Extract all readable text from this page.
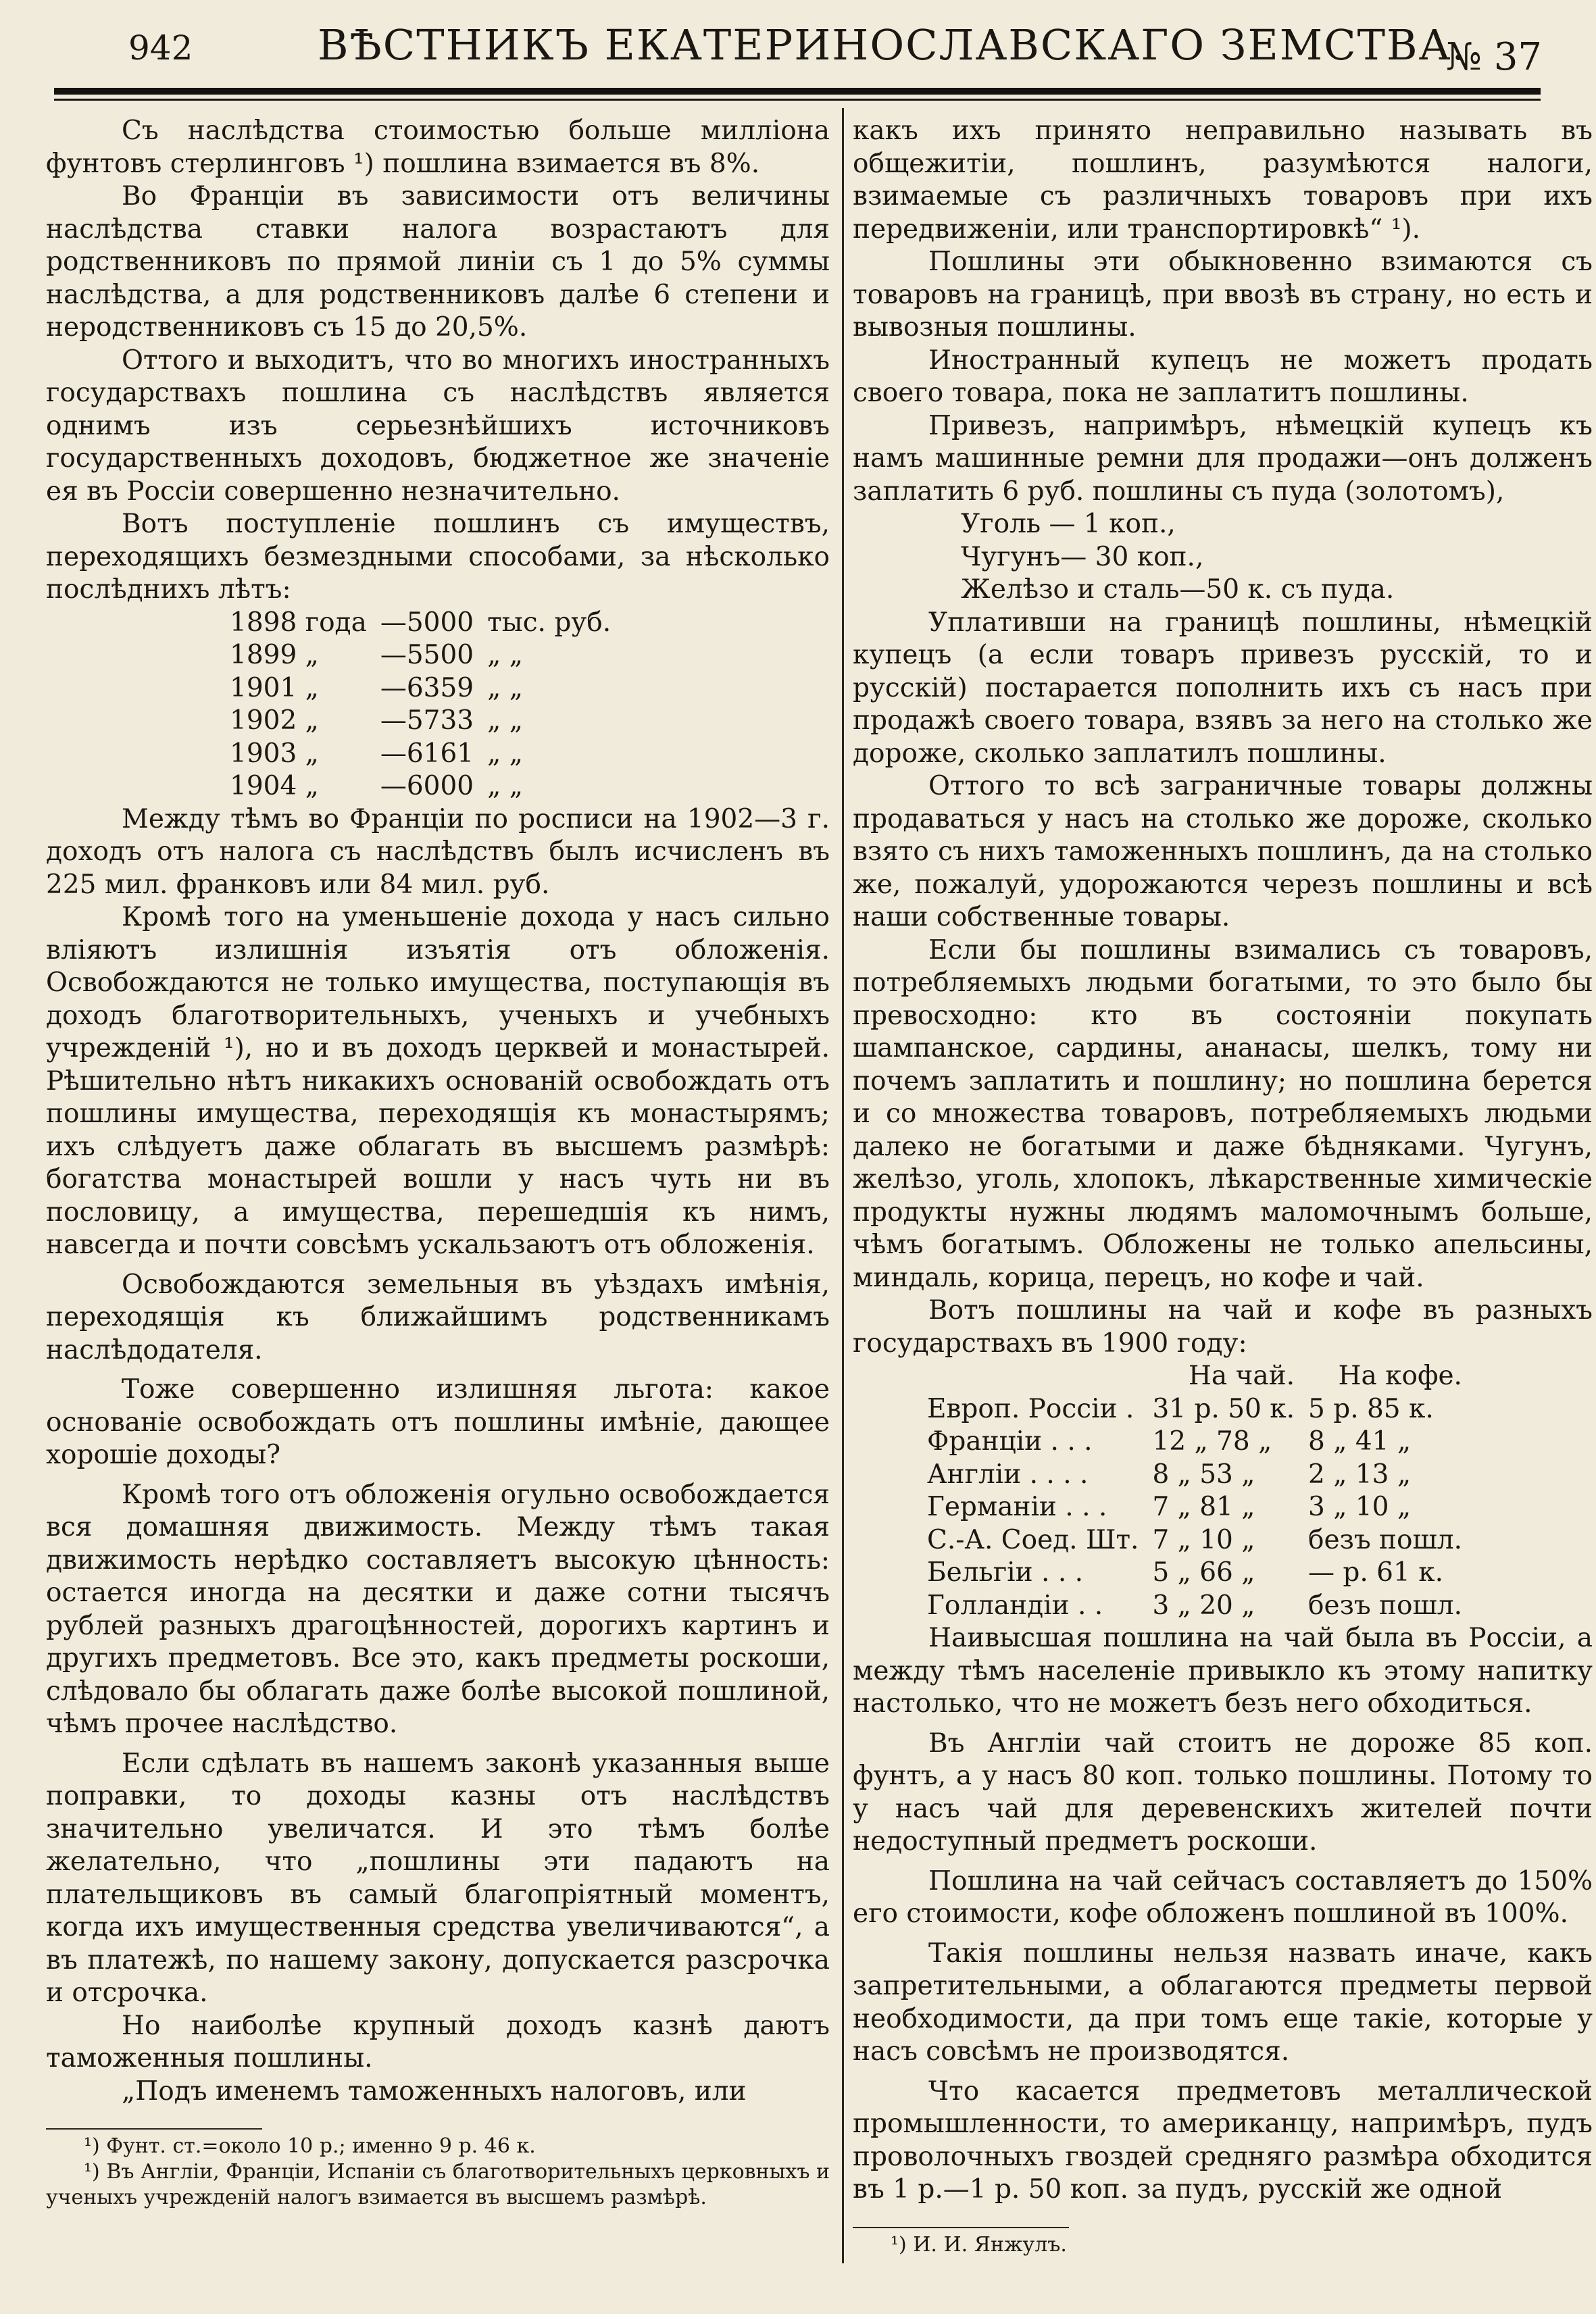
942	ВѢСТНИКЪ ЕКАТЕРИНОСЛАВСКАГО ЗЕМСТВА.
№ 37

Съ наслѣдства стоимостью больше милліона фунтовъ стерлинговъ ¹) пошлина взимается въ 8%.

Во Франціи въ зависимости отъ величины наслѣдства ставки налога возрастаютъ для родственниковъ по прямой линіи съ 1 до 5% суммы наслѣдства, а для родственниковъ далѣе 6 степени и неродственниковъ съ 15 до 20,5%.

Оттого и выходитъ, что во многихъ иностранныхъ государствахъ пошлина съ наслѣдствъ является однимъ изъ серьезнѣйшихъ источниковъ государственныхъ доходовъ, бюджетное же значеніе ея въ Россіи совершенно незначительно.

Вотъ поступленіе пошлинъ съ имуществъ, переходящихъ безмездными способами, за нѣсколько послѣднихъ лѣтъ:

1898 года	—5000	тыс. руб.
1899 „	—5500	„ „
1901 „	—6359	„ „
1902 „	—5733	„ „
1903 „	—6161	„ „
1904 „	—6000	„ „

Между тѣмъ во Франціи по росписи на 1902—3 г. доходъ отъ налога съ наслѣдствъ былъ исчисленъ въ 225 мил. франковъ или 84 мил. руб.

Кромѣ того на уменьшеніе дохода у насъ сильно вліяютъ излишнія изъятія отъ обложенія. Освобождаются не только имущества, поступающія въ доходъ благотворительныхъ, ученыхъ и учебныхъ учрежденій ¹), но и въ доходъ церквей и монастырей. Рѣшительно нѣтъ никакихъ основаній освобождать отъ пошлины имущества, переходящія къ монастырямъ; ихъ слѣдуетъ даже облагать въ высшемъ размѣрѣ: богатства монастырей вошли у насъ чуть ни въ пословицу, а имущества, перешедшія къ нимъ, навсегда и почти совсѣмъ ускальзаютъ отъ обложенія.

Освобождаются земельныя въ уѣздахъ имѣнія, переходящія къ ближайшимъ родственникамъ наслѣдодателя.

Тоже совершенно излишняя льгота: какое основаніе освобождать отъ пошлины имѣніе, дающее хорошіе доходы?

Кромѣ того отъ обложенія огульно освобождается вся домашняя движимость. Между тѣмъ такая движимость нерѣдко составляетъ высокую цѣнность: остается иногда на десятки и даже сотни тысячъ рублей разныхъ драгоцѣнностей, дорогихъ картинъ и другихъ предметовъ. Все это, какъ предметы роскоши, слѣдовало бы облагать даже болѣе высокой пошлиной, чѣмъ прочее наслѣдство.

Если сдѣлать въ нашемъ законѣ указанныя выше поправки, то доходы казны отъ наслѣдствъ значительно увеличатся. И это тѣмъ болѣе желательно, что „пошлины эти падаютъ на плательщиковъ въ самый благопріятный моментъ, когда ихъ имущественныя средства увеличиваются“, а въ платежѣ, по нашему закону, допускается разсрочка и отсрочка.

Но наиболѣе крупный доходъ казнѣ даютъ таможенныя пошлины.

„Подъ именемъ таможенныхъ налоговъ, или

¹) Фунт. ст.=около 10 р.; именно 9 р. 46 к.

¹) Въ Англіи, Франціи, Испаніи съ благотворительныхъ церковныхъ и ученыхъ учрежденій налогъ взимается въ высшемъ размѣрѣ.

какъ ихъ принято неправильно называть въ общежитіи, пошлинъ, разумѣются налоги, взимаемые съ различныхъ товаровъ при ихъ передвиженіи, или транспортировкѣ“ ¹).

Пошлины эти обыкновенно взимаются съ товаровъ на границѣ, при ввозѣ въ страну, но есть и вывозныя пошлины.

Иностранный купецъ не можетъ продать своего товара, пока не заплатитъ пошлины.

Привезъ, напримѣръ, нѣмецкій купецъ къ намъ машинные ремни для продажи—онъ долженъ заплатить 6 руб. пошлины съ пуда (золотомъ),

Уголь — 1 коп.,
Чугунъ— 30 коп.,
Желѣзо и сталь—50 к. съ пуда.

Уплативши на границѣ пошлины, нѣмецкій купецъ (а если товаръ привезъ русскій, то и русскій) постарается пополнить ихъ съ насъ при продажѣ своего товара, взявъ за него на столько же дороже, сколько заплатилъ пошлины.

Оттого то всѣ заграничные товары должны продаваться у насъ на столько же дороже, сколько взято съ нихъ таможенныхъ пошлинъ, да на столько же, пожалуй, удорожаются черезъ пошлины и всѣ наши собственные товары.

Если бы пошлины взимались съ товаровъ, потребляемыхъ людьми богатыми, то это было бы превосходно: кто въ состояніи покупать шампанское, сардины, ананасы, шелкъ, тому ни почемъ заплатить и пошлину; но пошлина берется и со множества товаровъ, потребляемыхъ людьми далеко не богатыми и даже бѣдняками. Чугунъ, желѣзо, уголь, хлопокъ, лѣкарственные химическіе продукты нужны людямъ маломочнымъ больше, чѣмъ богатымъ. Обложены не только апельсины, миндаль, корица, перецъ, но кофе и чай.

Вотъ пошлины на чай и кофе въ разныхъ государствахъ въ 1900 году:

	На чай.	На кофе.
Европ. Россіи .	31 р. 50 к.	5 р. 85 к.
Франціи . . .	12 „ 78 „	8 „ 41 „
Англіи . . . .	8 „ 53 „	2 „ 13 „
Германіи . . .	7 „ 81 „	3 „ 10 „
С.-А. Соед. Шт.	7 „ 10 „	безъ пошл.
Бельгіи . . .	5 „ 66 „	— р. 61 к.
Голландіи . .	3 „ 20 „	безъ пошл.

Наивысшая пошлина на чай была въ Россіи, а между тѣмъ населеніе привыкло къ этому напитку настолько, что не можетъ безъ него обходиться.

Въ Англіи чай стоитъ не дороже 85 коп. фунтъ, а у насъ 80 коп. только пошлины. Потому то у насъ чай для деревенскихъ жителей почти недоступный предметъ роскоши.

Пошлина на чай сейчасъ составляетъ до 150% его стоимости, кофе обложенъ пошлиной въ 100%.

Такія пошлины нельзя назвать иначе, какъ запретительными, а облагаются предметы первой необходимости, да при томъ еще такіе, которые у насъ совсѣмъ не производятся.

Что касается предметовъ металлической промышленности, то американцу, напримѣръ, пудъ проволочныхъ гвоздей средняго размѣра обходится въ 1 р.—1 р. 50 коп. за пудъ, русскій же одной

¹) И. И. Янжулъ.
